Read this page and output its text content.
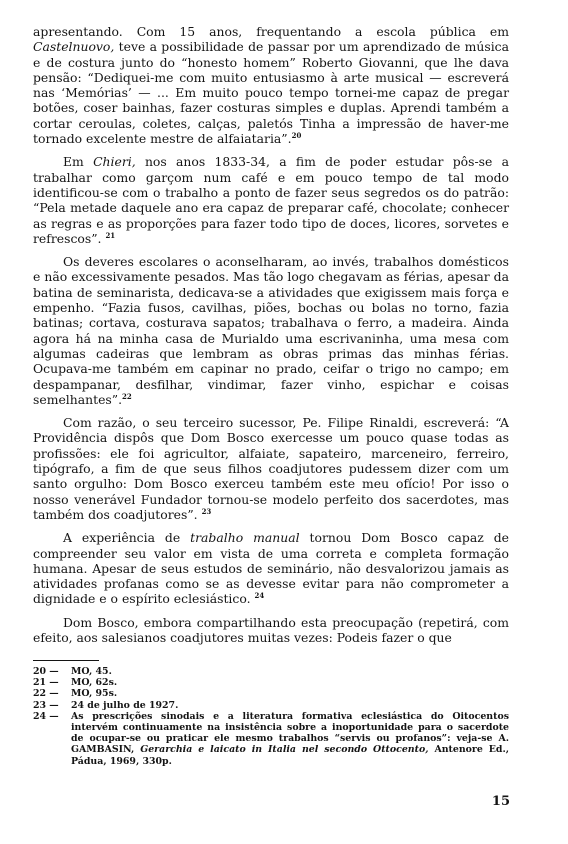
apresentando. Com 15 anos, frequentando a escola pública em Castelnuovo, teve a possibilidade de passar por um aprendizado de música e de costura junto do “honesto homem” Roberto Giovanni, que lhe dava pensão: “Dediquei-me com muito entusiasmo à arte musical — escreverá nas ‘Memórias’ — ... Em muito pouco tempo tornei-me capaz de pregar botões, coser bainhas, fazer costuras simples e duplas. Aprendi também a cortar ceroulas, coletes, calças, paletós Tinha a impressão de haver-me tornado excelente mestre de alfaiataria”.$^{20}$

Em Chieri, nos anos 1833-34, a fim de poder estudar pôs-se a trabalhar como garçom num café e em pouco tempo de tal modo identificou-se com o trabalho a ponto de fazer seus segredos os do patrão: “Pela metade daquele ano era capaz de preparar café, chocolate; conhecer as regras e as proporções para fazer todo tipo de doces, licores, sorvetes e refrescos”. $^{21}$

Os deveres escolares o aconselharam, ao invés, trabalhos domésticos e não excessivamente pesados. Mas tão logo chegavam as férias, apesar da batina de seminarista, dedicava-se a atividades que exigissem mais força e empenho. “Fazia fusos, cavilhas, piões, bochas ou bolas no torno, fazia batinas; cortava, costurava sapatos; trabalhava o ferro, a madeira. Ainda agora há na minha casa de Murialdo uma escrivaninha, uma mesa com algumas cadeiras que lembram as obras primas das minhas férias. Ocupava-me também em capinar no prado, ceifar o trigo no campo; em despampanar, desfilhar, vindimar, fazer vinho, espichar e coisas semelhantes”.$^{22}$

Com razão, o seu terceiro sucessor, Pe. Filipe Rinaldi, escreverá: “A Providência dispôs que Dom Bosco exercesse um pouco quase todas as profissões: ele foi agricultor, alfaiate, sapateiro, marceneiro, ferreiro, tipógrafo, a fim de que seus filhos coadjutores pudessem dizer com um santo orgulho: Dom Bosco exerceu também este meu ofício! Por isso o nosso venerável Fundador tornou-se modelo perfeito dos sacerdotes, mas também dos coadjutores”. $^{23}$

A experiência de trabalho manual tornou Dom Bosco capaz de compreender seu valor em vista de uma correta e completa formação humana. Apesar de seus estudos de seminário, não desvalorizou jamais as atividades profanas como se as devesse evitar para não comprometer a dignidade e o espírito eclesiástico. $^{24}$

Dom Bosco, embora compartilhando esta preocupação (repetirá, com efeito, aos salesianos coadjutores muitas vezes: Podeis fazer o que

20 —	MO, 45.
21 —	MO, 62s.
22 —	MO, 95s.
23 —	24 de julho de 1927.
24 —	As prescrições sinodais e a literatura formativa eclesiástica do Oitocentos intervém continuamente na insistência sobre a inoportunidade para o sacerdote de ocupar-se ou praticar ele mesmo trabalhos “servis ou profanos”: veja-se A. GAMBASIN, Gerarchia e laicato in Italia nel secondo Ottocento, Antenore Ed., Pádua, 1969, 330p.
15
